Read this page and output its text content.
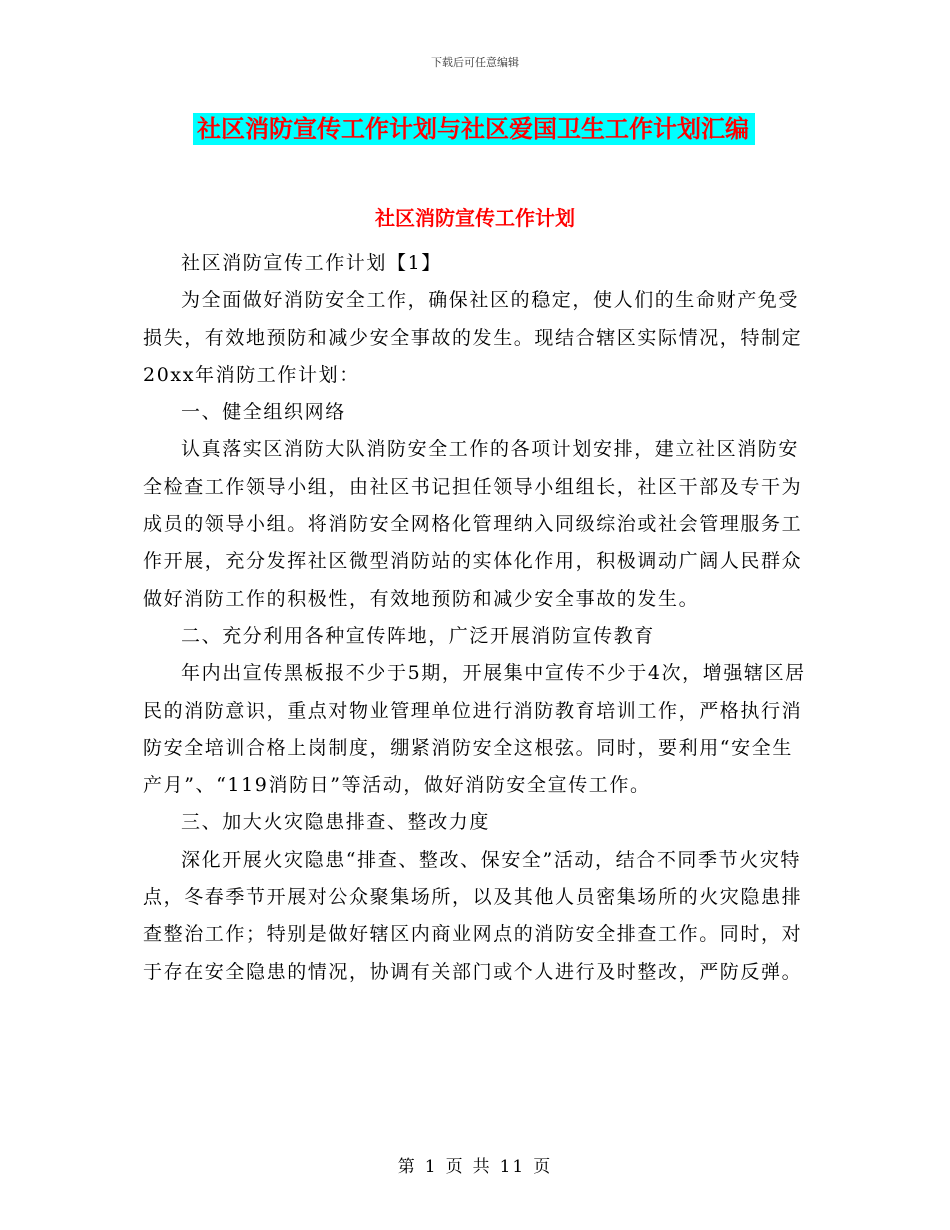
下载后可任意编辑
社区消防宣传工作计划与社区爱国卫生工作计划汇编
社区消防宣传工作计划

社区消防宣传工作计划【1】

为全面做好消防安全工作，确保社区的稳定，使人们的生命财产免受损失，有效地预防和减少安全事故的发生。现结合辖区实际情况，特制定20xx年消防工作计划：

一、健全组织网络

认真落实区消防大队消防安全工作的各项计划安排，建立社区消防安全检查工作领导小组，由社区书记担任领导小组组长，社区干部及专干为成员的领导小组。将消防安全网格化管理纳入同级综治或社会管理服务工作开展，充分发挥社区微型消防站的实体化作用，积极调动广阔人民群众做好消防工作的积极性，有效地预防和减少安全事故的发生。

二、充分利用各种宣传阵地，广泛开展消防宣传教育

年内出宣传黑板报不少于5期，开展集中宣传不少于4次，增强辖区居民的消防意识，重点对物业管理单位进行消防教育培训工作，严格执行消防安全培训合格上岗制度，绷紧消防安全这根弦。同时，要利用“安全生产月”、“119消防日”等活动，做好消防安全宣传工作。

三、加大火灾隐患排查、整改力度

深化开展火灾隐患“排查、整改、保安全”活动，结合不同季节火灾特点，冬春季节开展对公众聚集场所，以及其他人员密集场所的火灾隐患排查整治工作；特别是做好辖区内商业网点的消防安全排查工作。同时，对于存在安全隐患的情况，协调有关部门或个人进行及时整改，严防反弹。

第 1 页 共 11 页
